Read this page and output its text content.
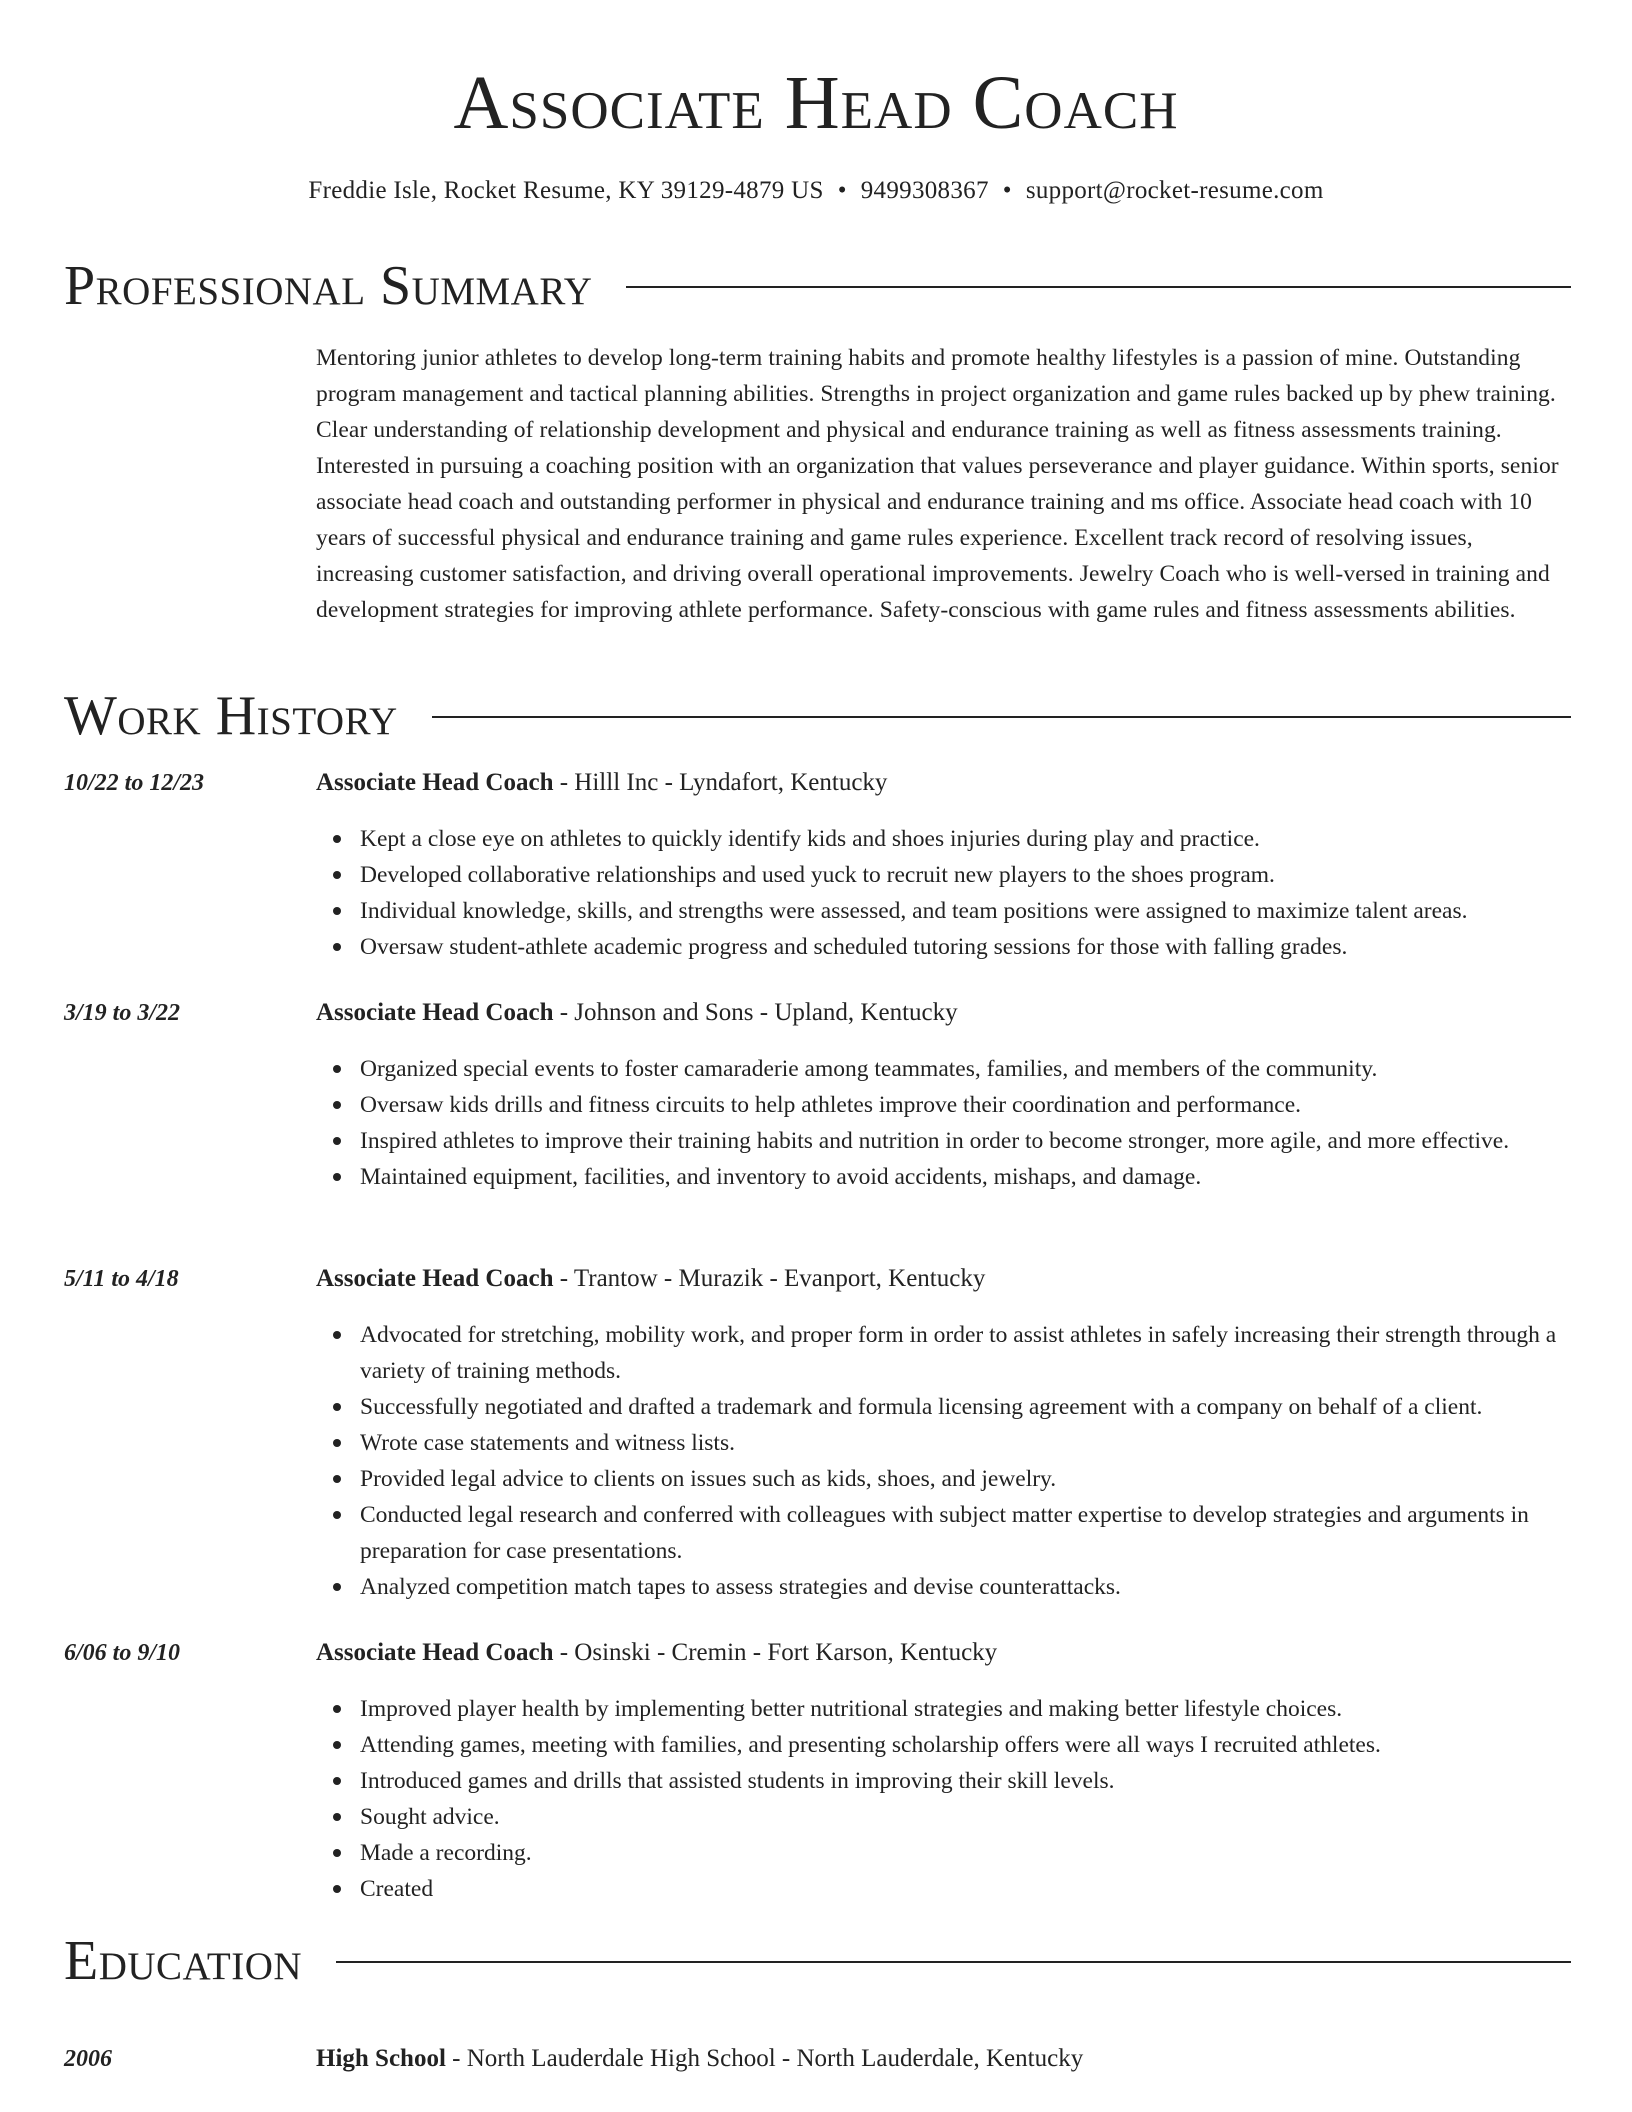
Associate Head Coach
Freddie Isle, Rocket Resume, KY 39129-4879 US • 9499308367 • support@rocket-resume.com
Professional Summary
Mentoring junior athletes to develop long-term training habits and promote healthy lifestyles is a passion of mine. Outstanding program management and tactical planning abilities. Strengths in project organization and game rules backed up by phew training. Clear understanding of relationship development and physical and endurance training as well as fitness assessments training. Interested in pursuing a coaching position with an organization that values perseverance and player guidance. Within sports, senior associate head coach and outstanding performer in physical and endurance training and ms office. Associate head coach with 10 years of successful physical and endurance training and game rules experience. Excellent track record of resolving issues, increasing customer satisfaction, and driving overall operational improvements. Jewelry Coach who is well-versed in training and development strategies for improving athlete performance. Safety-conscious with game rules and fitness assessments abilities.
Work History
10/22 to 12/23	Associate Head Coach - Hilll Inc - Lyndafort, Kentucky
Kept a close eye on athletes to quickly identify kids and shoes injuries during play and practice.
Developed collaborative relationships and used yuck to recruit new players to the shoes program.
Individual knowledge, skills, and strengths were assessed, and team positions were assigned to maximize talent areas.
Oversaw student-athlete academic progress and scheduled tutoring sessions for those with falling grades.
3/19 to 3/22	Associate Head Coach - Johnson and Sons - Upland, Kentucky
Organized special events to foster camaraderie among teammates, families, and members of the community.
Oversaw kids drills and fitness circuits to help athletes improve their coordination and performance.
Inspired athletes to improve their training habits and nutrition in order to become stronger, more agile, and more effective.
Maintained equipment, facilities, and inventory to avoid accidents, mishaps, and damage.
5/11 to 4/18	Associate Head Coach - Trantow - Murazik - Evanport, Kentucky
Advocated for stretching, mobility work, and proper form in order to assist athletes in safely increasing their strength through a variety of training methods.
Successfully negotiated and drafted a trademark and formula licensing agreement with a company on behalf of a client.
Wrote case statements and witness lists.
Provided legal advice to clients on issues such as kids, shoes, and jewelry.
Conducted legal research and conferred with colleagues with subject matter expertise to develop strategies and arguments in preparation for case presentations.
Analyzed competition match tapes to assess strategies and devise counterattacks.
6/06 to 9/10	Associate Head Coach - Osinski - Cremin - Fort Karson, Kentucky
Improved player health by implementing better nutritional strategies and making better lifestyle choices.
Attending games, meeting with families, and presenting scholarship offers were all ways I recruited athletes.
Introduced games and drills that assisted students in improving their skill levels.
Sought advice.
Made a recording.
Created
Education
2006	High School - North Lauderdale High School - North Lauderdale, Kentucky
